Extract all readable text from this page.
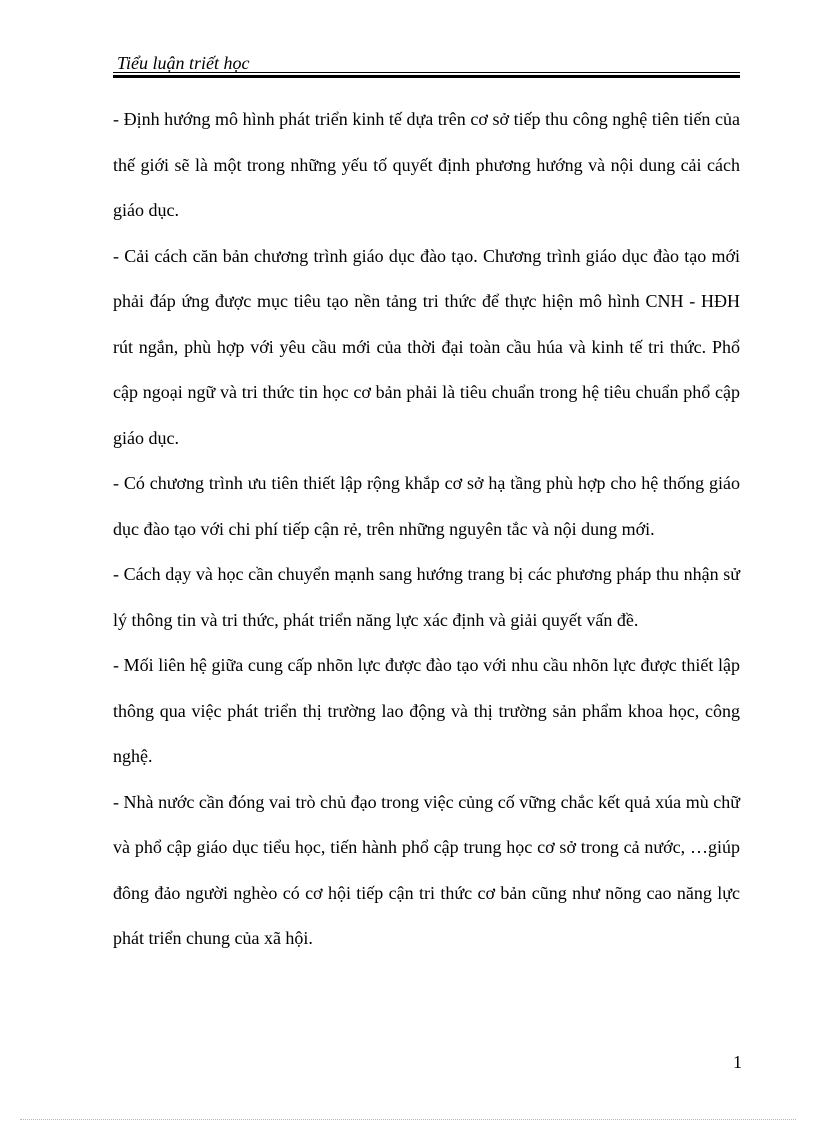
Tiểu luận triết học

- Định hướng mô hình phát triển kinh tế dựa trên cơ sở tiếp thu công nghệ tiên tiến của thế giới sẽ là một trong những yếu tố quyết định phương hướng và nội dung cải cách giáo dục.

- Cải cách căn bản chương trình giáo dục đào tạo. Chương trình giáo dục đào tạo mới phải đáp ứng được mục tiêu tạo nền tảng tri thức để thực hiện mô hình CNH - HĐH rút ngắn, phù hợp với yêu cầu mới của thời đại toàn cầu húa và kinh tế tri thức. Phổ cập ngoại ngữ và tri thức tin học cơ bản phải là tiêu chuẩn trong hệ tiêu chuẩn phổ cập giáo dục.

- Có chương trình ưu tiên thiết lập rộng khắp cơ sở hạ tầng phù hợp cho hệ thống giáo dục đào tạo với chi phí tiếp cận rẻ, trên những nguyên tắc và nội dung mới.

- Cách dạy và học cần chuyển mạnh sang hướng trang bị các phương pháp thu nhận sử lý thông tin và tri thức, phát triển năng lực xác định và giải quyết vấn đề.

- Mối liên hệ giữa cung cấp nhõn lực được đào tạo với nhu cầu nhõn lực được thiết lập thông qua việc phát triển thị trường lao động và thị trường sản phẩm khoa học, công nghệ.

- Nhà nước cần đóng vai trò chủ đạo trong việc củng cố vững chắc kết quả xúa mù chữ và phổ cập giáo dục tiểu học, tiến hành phổ cập trung học cơ sở trong cả nước, …giúp đông đảo người nghèo có cơ hội tiếp cận tri thức cơ bản cũng như nõng cao năng lực phát triển chung của xã hội.

1
